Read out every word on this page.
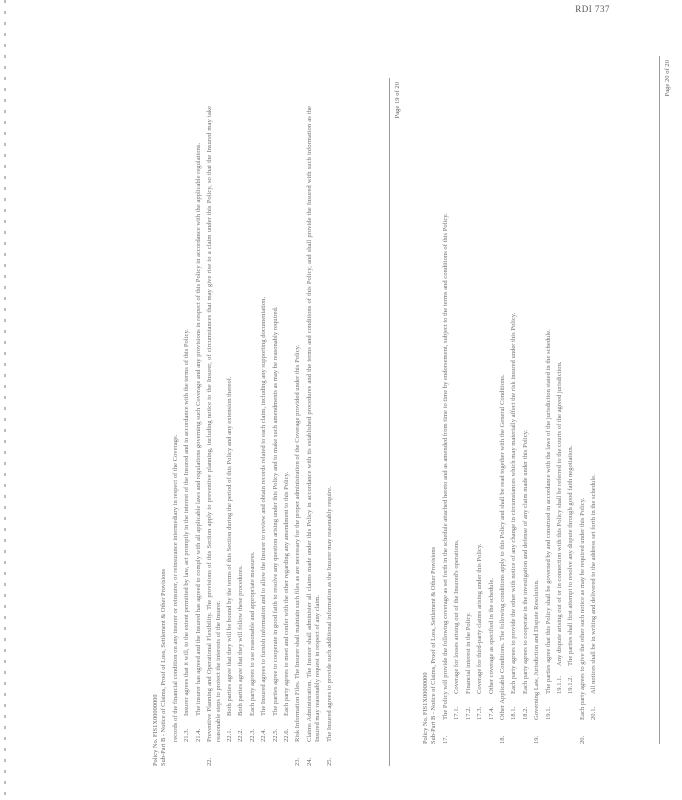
RDI 737
Policy No. FIS1X00000000 Sub-Part B - Notice of Claims, Proof of Loss, Settlement & Other Provisions records of the financial condition on any insurer or reinsurer, or reinsurance intermediary in respect of the Coverage. 21.3.
Insurer agrees that it will, to the extent permitted by law, act promptly in the interest of the Insured and in accordance with the terms of this Policy.
21.4.
The insurer has agreed and the Insured has agreed to comply with all applicable laws and regulations governing such Coverage and any provisions in respect of this Policy in accordance with the applicable regulations.
22.
Preventive Planning and Operational Flexibility. The provisions of this Section apply to preventive planning, including notice to the Insurer, of circumstances that may give rise to a claim under this Policy, so that the Insured may take reasonable steps to protect the interests of the Insurer. 22.1.
Both parties agree that they will be bound by the terms of this Section during the period of this Policy and any extension thereof.
22.2.
Both parties agree that they will follow these procedures.
22.3.
Each party agrees to use reasonable and appropriate measures.
22.4.
The Insured agrees to furnish information and to allow the Insurer to review and obtain records related to each claim, including any supporting documentation.
22.5.
The parties agree to cooperate in good faith to resolve any question arising under this Policy and to make such amendments as may be reasonably required.
22.6.
Each party agrees to meet and confer with the other regarding any amendment to this Policy.
23.
Risk Information Files. The Insurer shall maintain such files as are necessary for the proper administration of the Coverage provided under this Policy.
24.
Claims Administration. The Insurer shall administer all claims made under this Policy in accordance with its established procedures and the terms and conditions of this Policy, and shall provide the Insured with such information as the Insured may reasonably request in respect of any claim.
25.
The Insured agrees to provide such additional information as the Insurer may reasonably require.
Page 19 of 20
Policy No. FIS1X00000000 Sub-Part B - Notice of Claims, Proof of Loss, Settlement & Other Provisions 17.
The Policy will provide the following coverage as set forth in the schedule attached hereto and as amended from time to time by endorsement, subject to the terms and conditions of this Policy. 17.1.
Coverage for losses arising out of the Insured's operations.
17.2.
Financial interest in the Policy.
17.3.
Coverage for third-party claims arising under this Policy.
17.4.
Other coverage as specified in the schedule.
18.
Other Applicable Conditions. The following conditions apply to this Policy and shall be read together with the General Conditions. 18.1.
Each party agrees to provide the other with notice of any change in circumstances which may materially affect the risk insured under this Policy.
18.2.
Each party agrees to cooperate in the investigation and defense of any claim made under this Policy.
19.
Governing Law, Jurisdiction and Dispute Resolution. 19.1.
The parties agree that this Policy shall be governed by and construed in accordance with the laws of the jurisdiction stated in the schedule. 19.1.1.
Any dispute arising out of or in connection with this Policy shall be referred to the courts of the agreed jurisdiction.
19.1.2.
The parties shall first attempt to resolve any dispute through good faith negotiation.
20.
Each party agrees to give the other such notice as may be required under this Policy. 20.1.
All notices shall be in writing and delivered to the address set forth in the schedule.
Page 20 of 20
